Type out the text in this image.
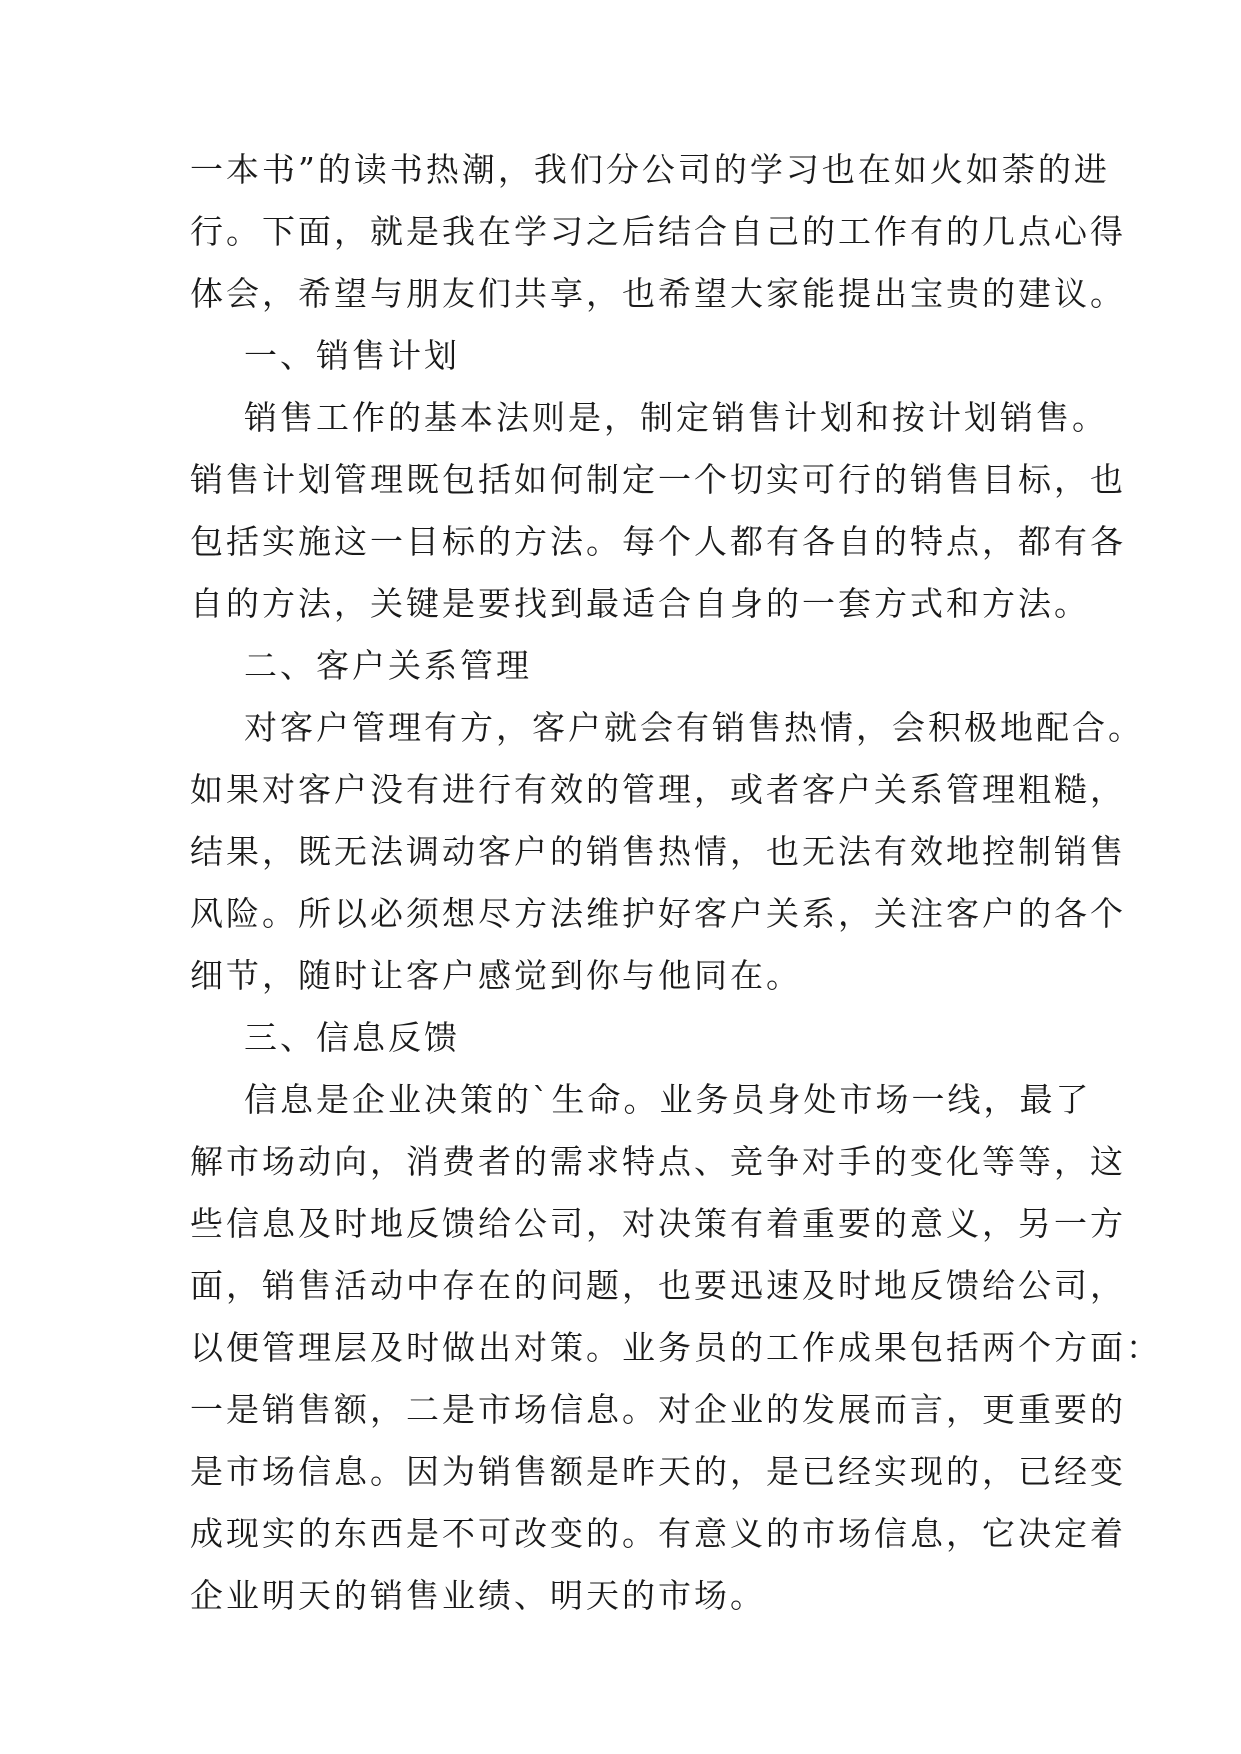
一本书”的读书热潮，我们分公司的学习也在如火如荼的进
行。下面，就是我在学习之后结合自己的工作有的几点心得
体会，希望与朋友们共享，也希望大家能提出宝贵的建议。
一、销售计划
销售工作的基本法则是，制定销售计划和按计划销售。
销售计划管理既包括如何制定一个切实可行的销售目标，也
包括实施这一目标的方法。每个人都有各自的特点，都有各
自的方法，关键是要找到最适合自身的一套方式和方法。
二、客户关系管理
对客户管理有方，客户就会有销售热情，会积极地配合。
如果对客户没有进行有效的管理，或者客户关系管理粗糙，
结果，既无法调动客户的销售热情，也无法有效地控制销售
风险。所以必须想尽方法维护好客户关系，关注客户的各个
细节，随时让客户感觉到你与他同在。
三、信息反馈
信息是企业决策的`生命。业务员身处市场一线，最了
解市场动向，消费者的需求特点、竞争对手的变化等等，这
些信息及时地反馈给公司，对决策有着重要的意义，另一方
面，销售活动中存在的问题，也要迅速及时地反馈给公司，
以便管理层及时做出对策。业务员的工作成果包括两个方面：
一是销售额，二是市场信息。对企业的发展而言，更重要的
是市场信息。因为销售额是昨天的，是已经实现的，已经变
成现实的东西是不可改变的。有意义的市场信息，它决定着
企业明天的销售业绩、明天的市场。
